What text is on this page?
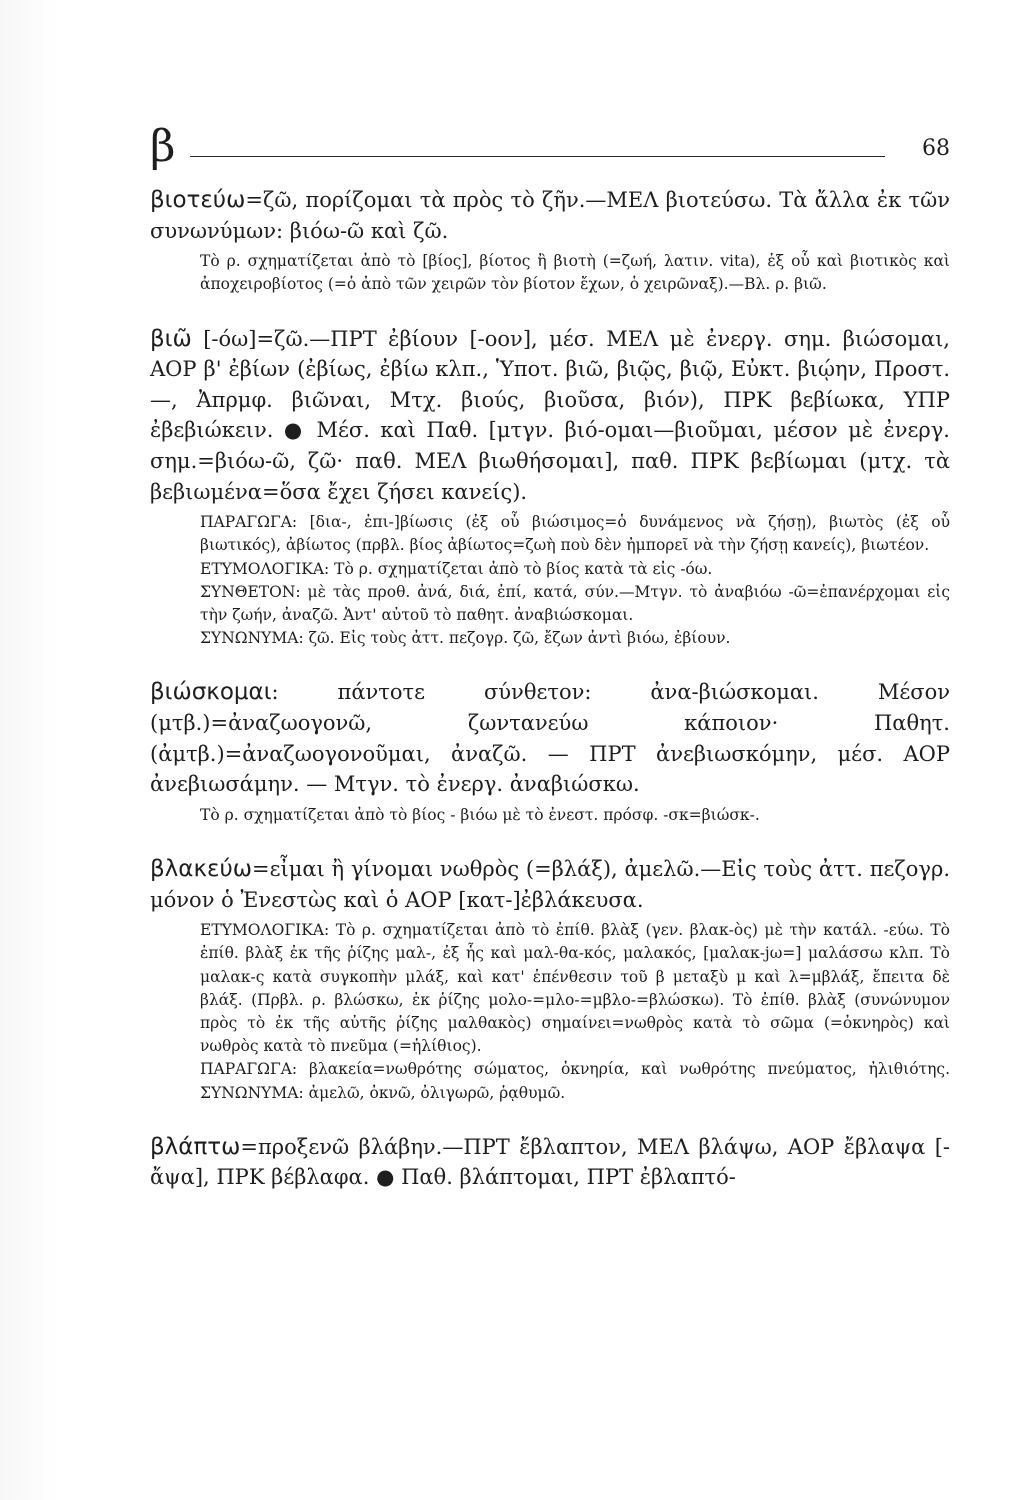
β	68

βιοτεύω=ζῶ, πορίζομαι τὰ πρὸς τὸ ζῆν.—ΜΕΛ βιοτεύσω. Τὰ ἄλλα ἐκ τῶν συνωνύμων: βιόω-ῶ καὶ ζῶ.

Τὸ ρ. σχηματίζεται ἀπὸ τὸ [βίος], βίοτος ἢ βιοτὴ (=ζωή, λατιν. vita), ἐξ οὗ καὶ βιοτικὸς καὶ ἀποχειροβίοτος (=ὁ ἀπὸ τῶν χειρῶν τὸν βίοτον ἔχων, ὁ χειρῶναξ).—Βλ. ρ. βιῶ.

βιῶ [-όω]=ζῶ.—ΠΡΤ ἐβίουν [-οον], μέσ. ΜΕΛ μὲ ἐνεργ. σημ. βιώσομαι, ΑΟΡ β' ἐβίων (ἐβίως, ἐβίω κλπ., Ὑποτ. βιῶ, βιῷς, βιῷ, Εὐκτ. βιῴην, Προστ.—, Ἀπρμφ. βιῶναι, Μτχ. βιούς, βιοῦσα, βιόν), ΠΡΚ βεβίωκα, ΥΠΡ ἐβεβιώκειν. ● Μέσ. καὶ Παθ. [μτγν. βιό-ομαι—βιοῦμαι, μέσον μὲ ἐνεργ. σημ.=βιόω-ῶ, ζῶ· παθ. ΜΕΛ βιωθήσομαι], παθ. ΠΡΚ βεβίωμαι (μτχ. τὰ βεβιωμένα=ὅσα ἔχει ζήσει κανείς).

ΠΑΡΑΓΩΓΑ: [δια-, ἐπι-]βίωσις (ἐξ οὗ βιώσιμος=ὁ δυνάμενος νὰ ζήσῃ), βιωτὸς (ἐξ οὗ βιωτικός), ἀβίωτος (πρβλ. βίος ἀβίωτος=ζωὴ ποὺ δὲν ἠμπορεῖ νὰ τὴν ζήσῃ κανείς), βιωτέον.

ΕΤΥΜΟΛΟΓΙΚΑ: Τὸ ρ. σχηματίζεται ἀπὸ τὸ βίος κατὰ τὰ εἰς -όω.

ΣΥΝΘΕΤΟΝ: μὲ τὰς προθ. ἀνά, διά, ἐπί, κατά, σύν.—Μτγν. τὸ ἀναβιόω -ῶ=ἐπανέρχομαι εἰς τὴν ζωήν, ἀναζῶ. Ἀντ' αὐτοῦ τὸ παθητ. ἀναβιώσκομαι.

ΣΥΝΩΝΥΜΑ: ζῶ. Εἰς τοὺς ἀττ. πεζογρ. ζῶ, ἔζων ἀντὶ βιόω, ἐβίουν.

βιώσκομαι: πάντοτε σύνθετον: ἀνα-βιώσκομαι. Μέσον (μτβ.)=ἀναζωογονῶ, ζωντανεύω κάποιον· Παθητ. (ἀμτβ.)=ἀναζωογονοῦμαι, ἀναζῶ. — ΠΡΤ ἀνεβιωσκόμην, μέσ. ΑΟΡ ἀνεβιωσάμην. — Μτγν. τὸ ἐνεργ. ἀναβιώσκω.

Τὸ ρ. σχηματίζεται ἀπὸ τὸ βίος - βιόω μὲ τὸ ἐνεστ. πρόσφ. -σκ=βιώσκ-.

βλακεύω=εἶμαι ἢ γίνομαι νωθρὸς (=βλάξ), ἀμελῶ.—Εἰς τοὺς ἀττ. πεζογρ. μόνον ὁ Ἐνεστὼς καὶ ὁ ΑΟΡ [κατ-]ἐβλάκευσα.

ΕΤΥΜΟΛΟΓΙΚΑ: Τὸ ρ. σχηματίζεται ἀπὸ τὸ ἐπίθ. βλὰξ (γεν. βλακ-ὸς) μὲ τὴν κατάλ. -εύω. Τὸ ἐπίθ. βλὰξ ἐκ τῆς ῥίζης μαλ-, ἐξ ἧς καὶ μαλ-θα-κός, μαλακός, [μαλακ-jω=] μαλάσσω κλπ. Τὸ μαλακ-ς κατὰ συγκοπὴν μλάξ, καὶ κατ' ἐπένθεσιν τοῦ β μεταξὺ μ καὶ λ=μβλάξ, ἔπειτα δὲ βλάξ. (Πρβλ. ρ. βλώσκω, ἐκ ῥίζης μολο-=μλο-=μβλο-=βλώσκω). Τὸ ἐπίθ. βλὰξ (συνώνυμον πρὸς τὸ ἐκ τῆς αὐτῆς ῥίζης μαλθακὸς) σημαίνει=νωθρὸς κατὰ τὸ σῶμα (=ὀκνηρὸς) καὶ νωθρὸς κατὰ τὸ πνεῦμα (=ἠλίθιος).

ΠΑΡΑΓΩΓΑ: βλακεία=νωθρότης σώματος, ὀκνηρία, καὶ νωθρότης πνεύματος, ἠλιθιότης. ΣΥΝΩΝΥΜΑ: ἀμελῶ, ὀκνῶ, ὀλιγωρῶ, ῥᾳθυμῶ.

βλάπτω=προξενῶ βλάβην.—ΠΡΤ ἔβλαπτον, ΜΕΛ βλάψω, ΑΟΡ ἔβλαψα [-ἄψα], ΠΡΚ βέβλαφα. ● Παθ. βλάπτομαι, ΠΡΤ ἐβλαπτό-
